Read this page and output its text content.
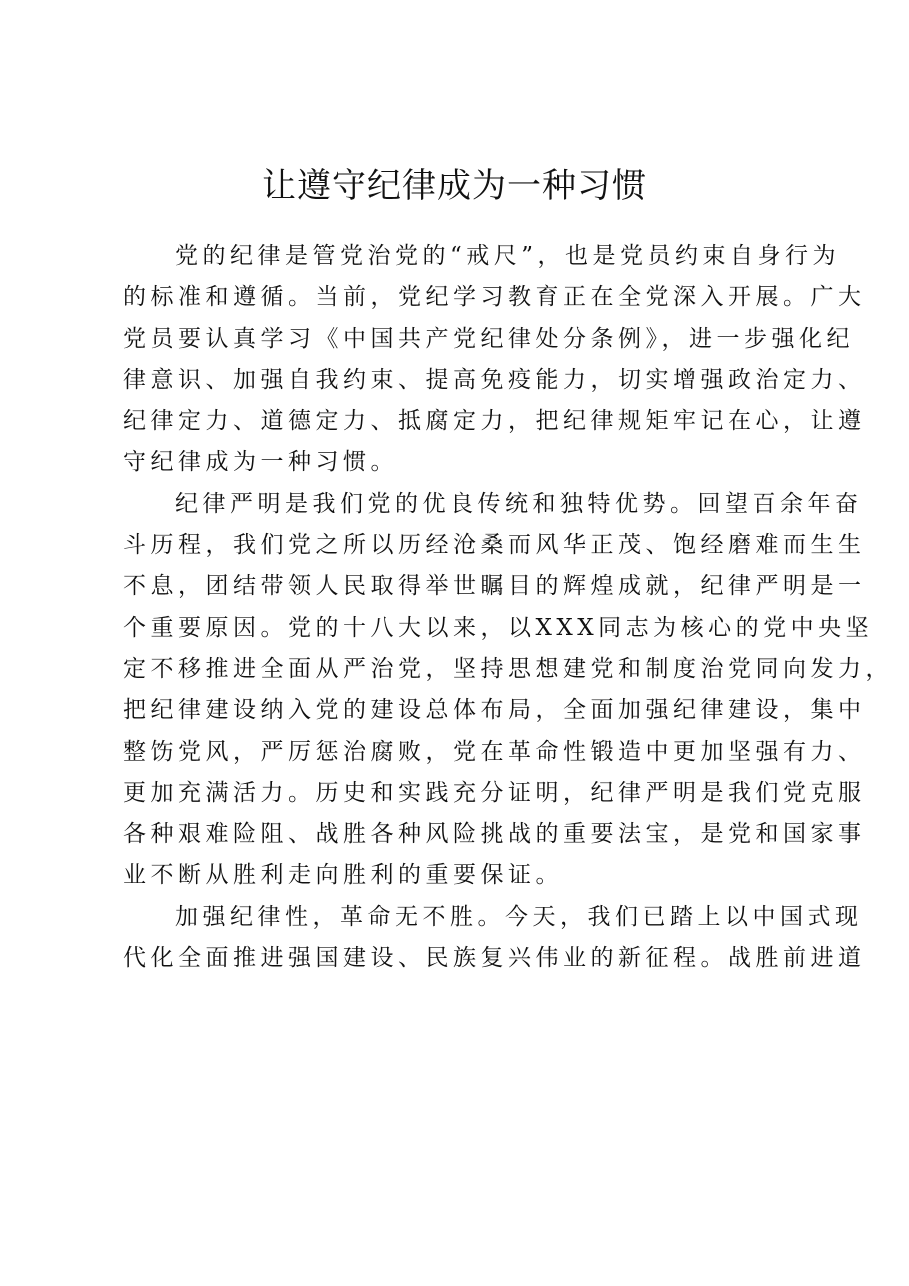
让遵守纪律成为一种习惯
党的纪律是管党治党的“戒尺”，也是党员约束自身行为
的标准和遵循。当前，党纪学习教育正在全党深入开展。广大
党员要认真学习《中国共产党纪律处分条例》，进一步强化纪
律意识、加强自我约束、提高免疫能力，切实增强政治定力、
纪律定力、道德定力、抵腐定力，把纪律规矩牢记在心，让遵
守纪律成为一种习惯。
纪律严明是我们党的优良传统和独特优势。回望百余年奋
斗历程，我们党之所以历经沧桑而风华正茂、饱经磨难而生生
不息，团结带领人民取得举世瞩目的辉煌成就，纪律严明是一
个重要原因。党的十八大以来，以XXX同志为核心的党中央坚
定不移推进全面从严治党，坚持思想建党和制度治党同向发力，
把纪律建设纳入党的建设总体布局，全面加强纪律建设，集中
整饬党风，严厉惩治腐败，党在革命性锻造中更加坚强有力、
更加充满活力。历史和实践充分证明，纪律严明是我们党克服
各种艰难险阻、战胜各种风险挑战的重要法宝，是党和国家事
业不断从胜利走向胜利的重要保证。
加强纪律性，革命无不胜。今天，我们已踏上以中国式现
代化全面推进强国建设、民族复兴伟业的新征程。战胜前进道
